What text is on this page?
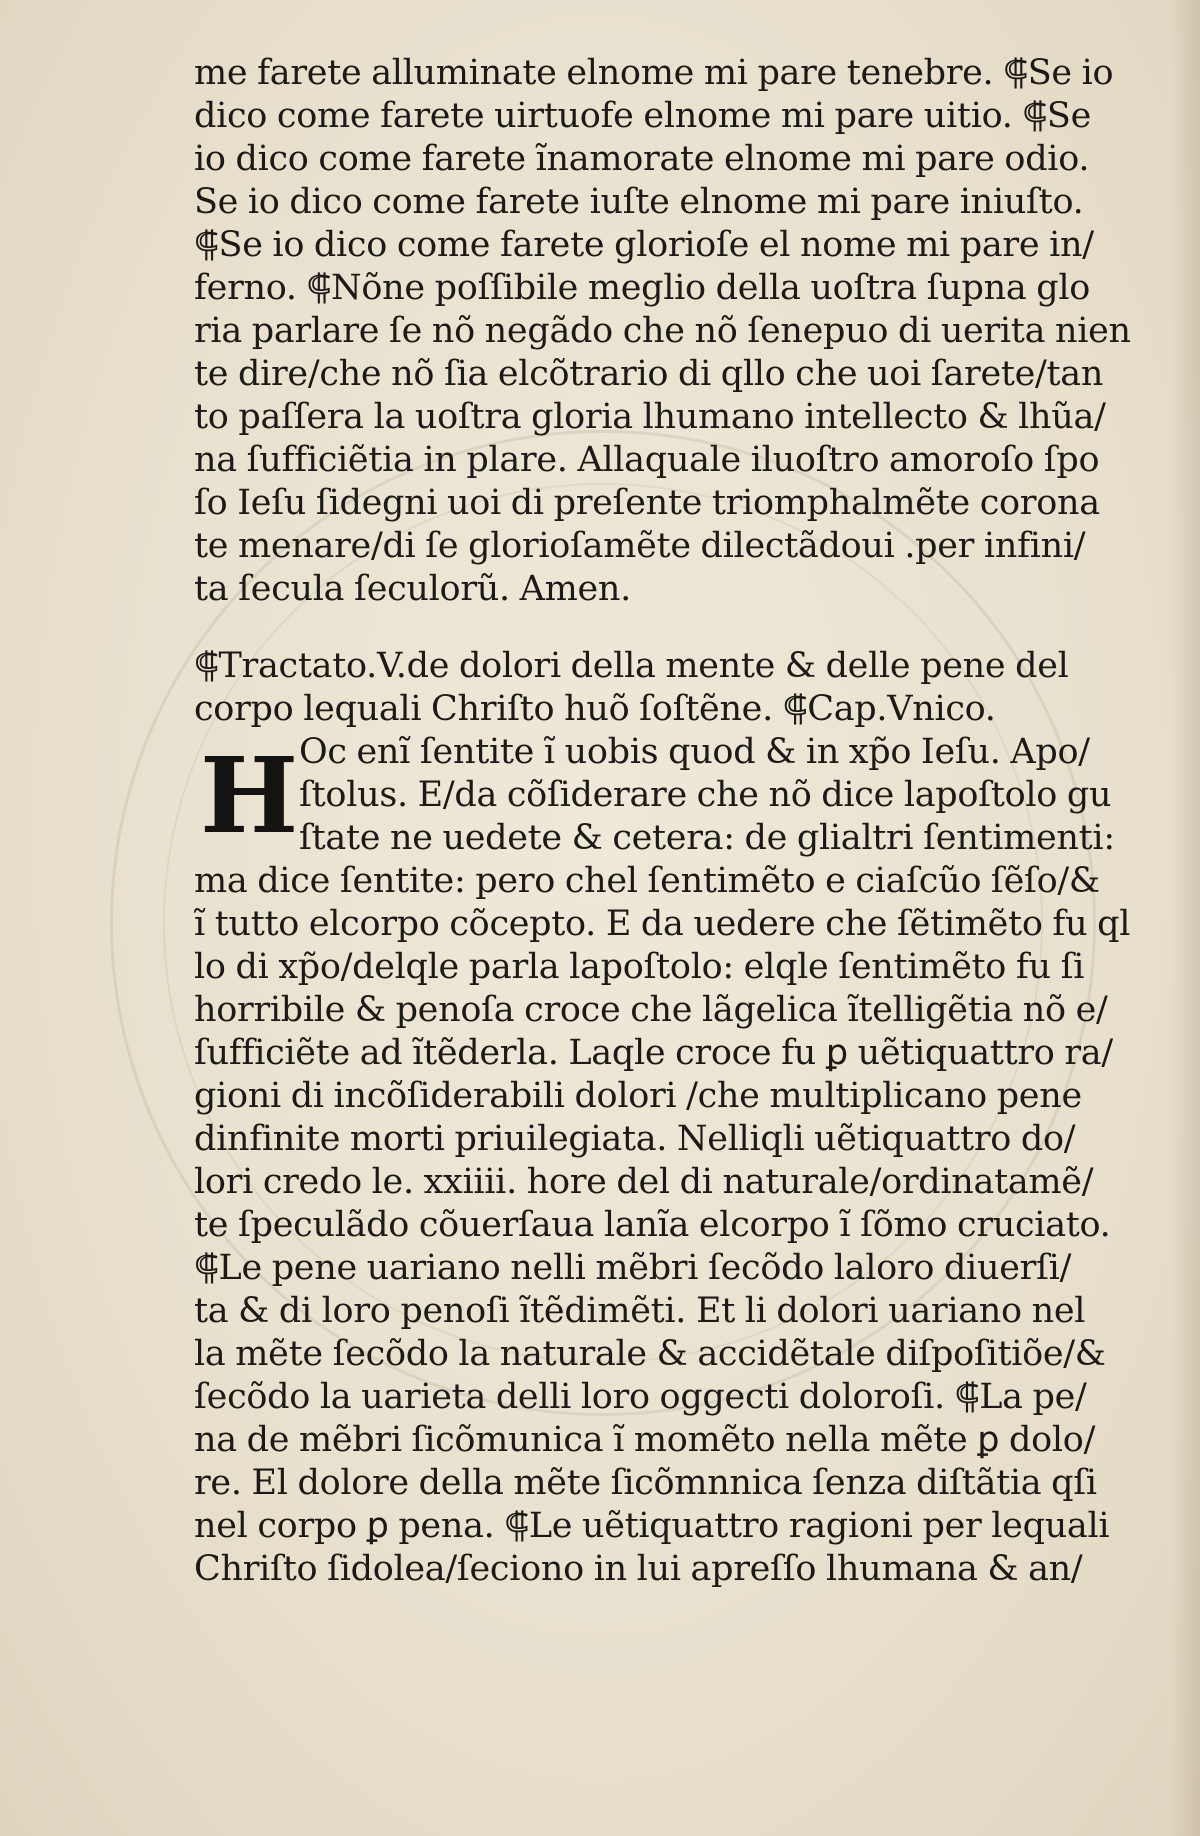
me farete alluminate elnome mi pare tenebre. ⸿Se io
dico come farete uirtuofe elnome mi pare uitio. ⸿Se
io dico come farete ĩnamorate elnome mi pare odio.
Se io dico come farete iuſte elnome mi pare iniuſto.
⸿Se io dico come farete glorioſe el nome mi pare in/
ferno. ⸿Nõne poſſibile meglio della uoſtra ſupna glo
ria parlare ſe nõ negãdo che nõ ſenepuo di uerita nien
te dire/che nõ ſia elcõtrario di qllo che uoi ſarete/tan
to paſſera la uoſtra gloria lhumano intellecto & lhũa/
na ſufficiẽtia in plare. Allaquale iluoſtro amoroſo ſpo
ſo Ieſu ſidegni uoi di preſente triomphalmẽte corona
te menare/di ſe glorioſamẽte dilectãdoui .per infini/
ta ſecula ſeculorũ. Amen.
H
⸿Tractato.V.de dolori della mente & delle pene del
corpo lequali Chriſto huõ ſoſtẽne. ⸿Cap.Vnico.
Oc enĩ ſentite ĩ uobis quod & in xp̃o Ieſu. Apo/
ſtolus. E/da cõſiderare che nõ dice lapoſtolo gu
ſtate ne uedete & cetera: de glialtri ſentimenti:
ma dice ſentite: pero chel ſentimẽto e ciaſcũo ſẽſo/&
ĩ tutto elcorpo cõcepto. E da uedere che ſẽtimẽto fu ql
lo di xp̃o/delqle parla lapoſtolo: elqle ſentimẽto fu ſi
horribile & penoſa croce che lãgelica ĩtelligẽtia nõ e/
ſufficiẽte ad ĩtẽderla. Laqle croce fu ꝑ uẽtiquattro ra/
gioni di incõſiderabili dolori /che multiplicano pene
dinfinite morti priuilegiata. Nelliqli uẽtiquattro do/
lori credo le. xxiiii. hore del di naturale/ordinatamẽ/
te ſpeculãdo cõuerſaua lanĩa elcorpo ĩ ſõmo cruciato.
⸿Le pene uariano nelli mẽbri ſecõdo laloro diuerſi/
ta & di loro penoſi ĩtẽdimẽti. Et li dolori uariano nel
la mẽte ſecõdo la naturale & accidẽtale diſpoſitiõe/&
ſecõdo la uarieta delli loro oggecti doloroſi. ⸿La pe/
na de mẽbri ſicõmunica ĩ momẽto nella mẽte ꝑ dolo/
re. El dolore della mẽte ſicõmnnica ſenza diſtãtia qſi
nel corpo ꝑ pena. ⸿Le uẽtiquattro ragioni per lequali
Chriſto ſidolea/ſeciono in lui apreſſo lhumana & an/
